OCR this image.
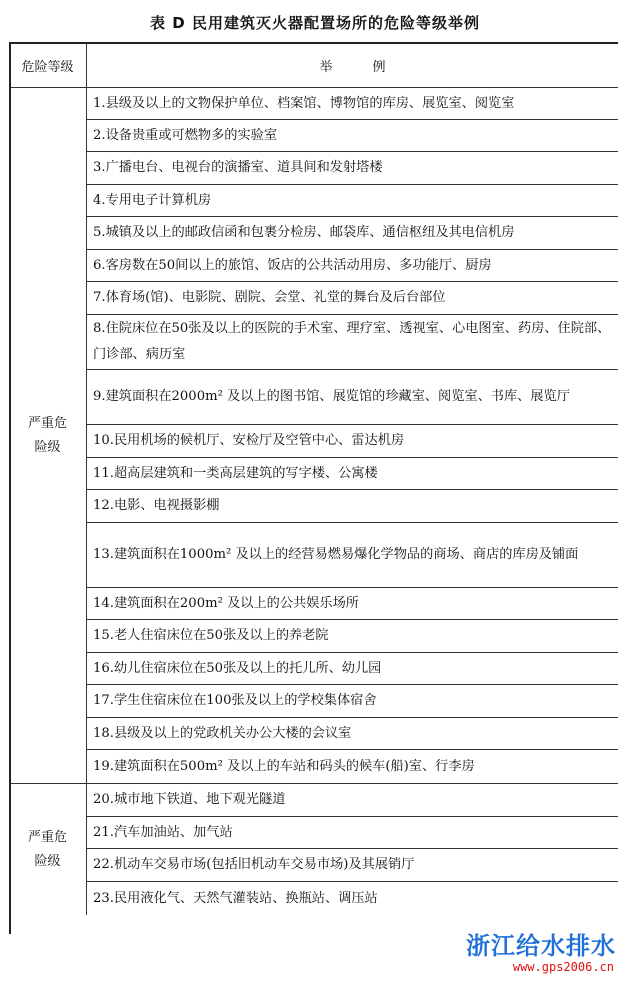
表 D 民用建筑灭火器配置场所的危险等级举例
危险等级	举例
严重危险级
1.县级及以上的文物保护单位、档案馆、博物馆的库房、展览室、阅览室
2.设备贵重或可燃物多的实验室
3.广播电台、电视台的演播室、道具间和发射塔楼
4.专用电子计算机房
5.城镇及以上的邮政信函和包裹分检房、邮袋库、通信枢纽及其电信机房
6.客房数在50间以上的旅馆、饭店的公共活动用房、多功能厅、厨房
7.体育场(馆)、电影院、剧院、会堂、礼堂的舞台及后台部位
8.住院床位在50张及以上的医院的手术室、理疗室、透视室、心电图室、药房、住院部、门诊部、病历室
9.建筑面积在2000m² 及以上的图书馆、展览馆的珍藏室、阅览室、书库、展览厅
10.民用机场的候机厅、安检厅及空管中心、雷达机房
11.超高层建筑和一类高层建筑的写字楼、公寓楼
12.电影、电视摄影棚
13.建筑面积在1000m² 及以上的经营易燃易爆化学物品的商场、商店的库房及铺面
14.建筑面积在200m² 及以上的公共娱乐场所
15.老人住宿床位在50张及以上的养老院
16.幼儿住宿床位在50张及以上的托儿所、幼儿园
17.学生住宿床位在100张及以上的学校集体宿舍
18.县级及以上的党政机关办公大楼的会议室
19.建筑面积在500m² 及以上的车站和码头的候车(船)室、行李房
严重危险级
20.城市地下铁道、地下观光隧道
21.汽车加油站、加气站
22.机动车交易市场(包括旧机动车交易市场)及其展销厅
23.民用液化气、天然气灌装站、换瓶站、调压站
浙江给水排水
www.gps2006.cn
